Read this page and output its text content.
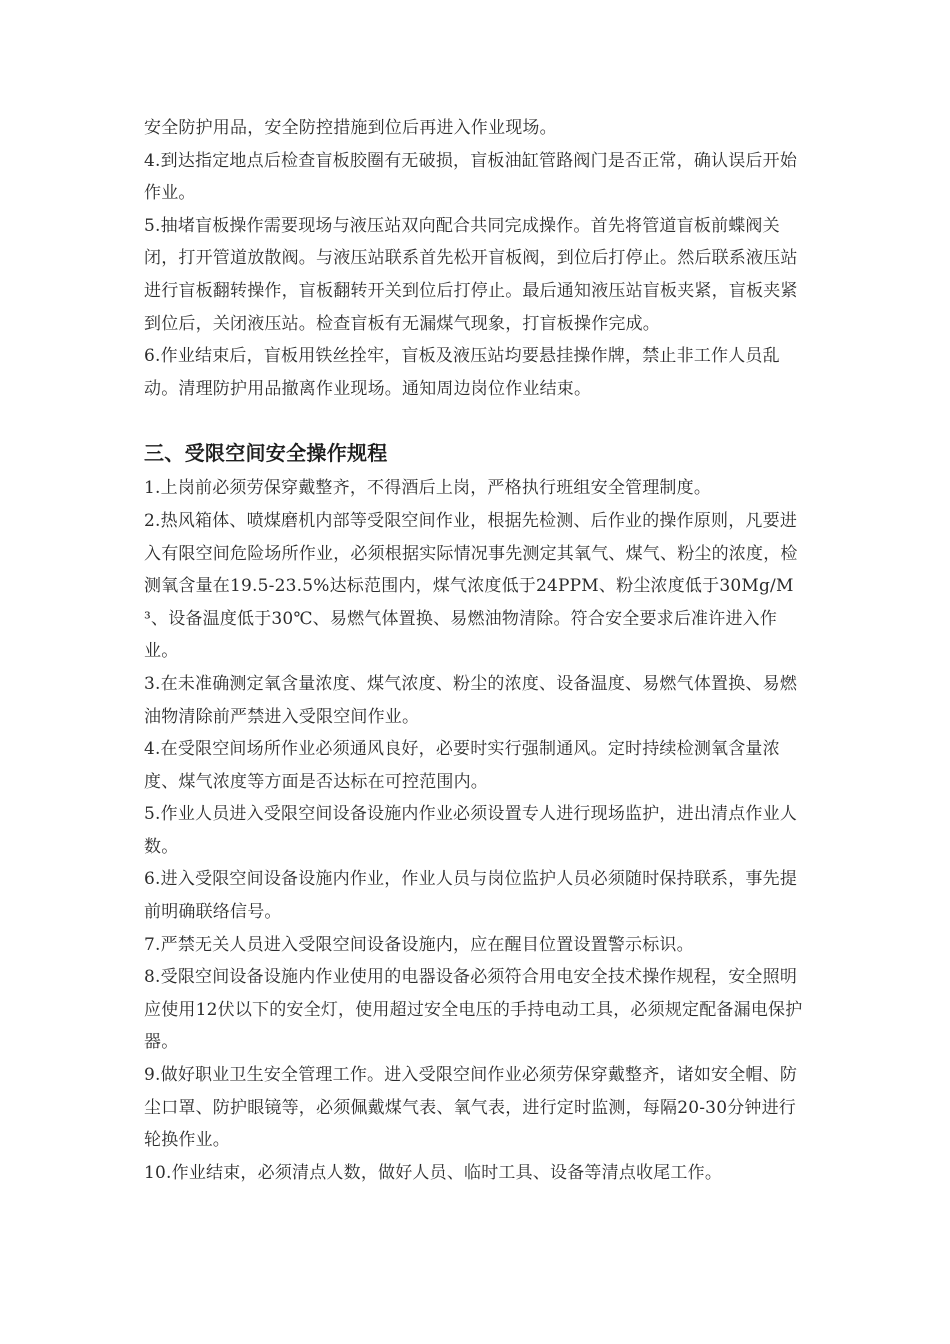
安全防护用品，安全防控措施到位后再进入作业现场。

4.到达指定地点后检查盲板胶圈有无破损，盲板油缸管路阀门是否正常，确认误后开始作业。

5.抽堵盲板操作需要现场与液压站双向配合共同完成操作。首先将管道盲板前蝶阀关闭，打开管道放散阀。与液压站联系首先松开盲板阀，到位后打停止。然后联系液压站进行盲板翻转操作，盲板翻转开关到位后打停止。最后通知液压站盲板夹紧，盲板夹紧到位后，关闭液压站。检查盲板有无漏煤气现象，打盲板操作完成。

6.作业结束后，盲板用铁丝拴牢，盲板及液压站均要悬挂操作牌，禁止非工作人员乱动。清理防护用品撤离作业现场。通知周边岗位作业结束。

三、受限空间安全操作规程

1.上岗前必须劳保穿戴整齐，不得酒后上岗，严格执行班组安全管理制度。

2.热风箱体、喷煤磨机内部等受限空间作业，根据先检测、后作业的操作原则，凡要进入有限空间危险场所作业，必须根据实际情况事先测定其氧气、煤气、粉尘的浓度，检测氧含量在19.5-23.5%达标范围内，煤气浓度低于24PPM、粉尘浓度低于30Mg/M³、设备温度低于30℃、易燃气体置换、易燃油物清除。符合安全要求后准许进入作业。

3.在未准确测定氧含量浓度、煤气浓度、粉尘的浓度、设备温度、易燃气体置换、易燃油物清除前严禁进入受限空间作业。

4.在受限空间场所作业必须通风良好，必要时实行强制通风。定时持续检测氧含量浓度、煤气浓度等方面是否达标在可控范围内。

5.作业人员进入受限空间设备设施内作业必须设置专人进行现场监护，进出清点作业人数。

6.进入受限空间设备设施内作业，作业人员与岗位监护人员必须随时保持联系，事先提前明确联络信号。

7.严禁无关人员进入受限空间设备设施内，应在醒目位置设置警示标识。

8.受限空间设备设施内作业使用的电器设备必须符合用电安全技术操作规程，安全照明应使用12伏以下的安全灯，使用超过安全电压的手持电动工具，必须规定配备漏电保护器。

9.做好职业卫生安全管理工作。进入受限空间作业必须劳保穿戴整齐，诸如安全帽、防尘口罩、防护眼镜等，必须佩戴煤气表、氧气表，进行定时监测，每隔20-30分钟进行轮换作业。

10.作业结束，必须清点人数，做好人员、临时工具、设备等清点收尾工作。
